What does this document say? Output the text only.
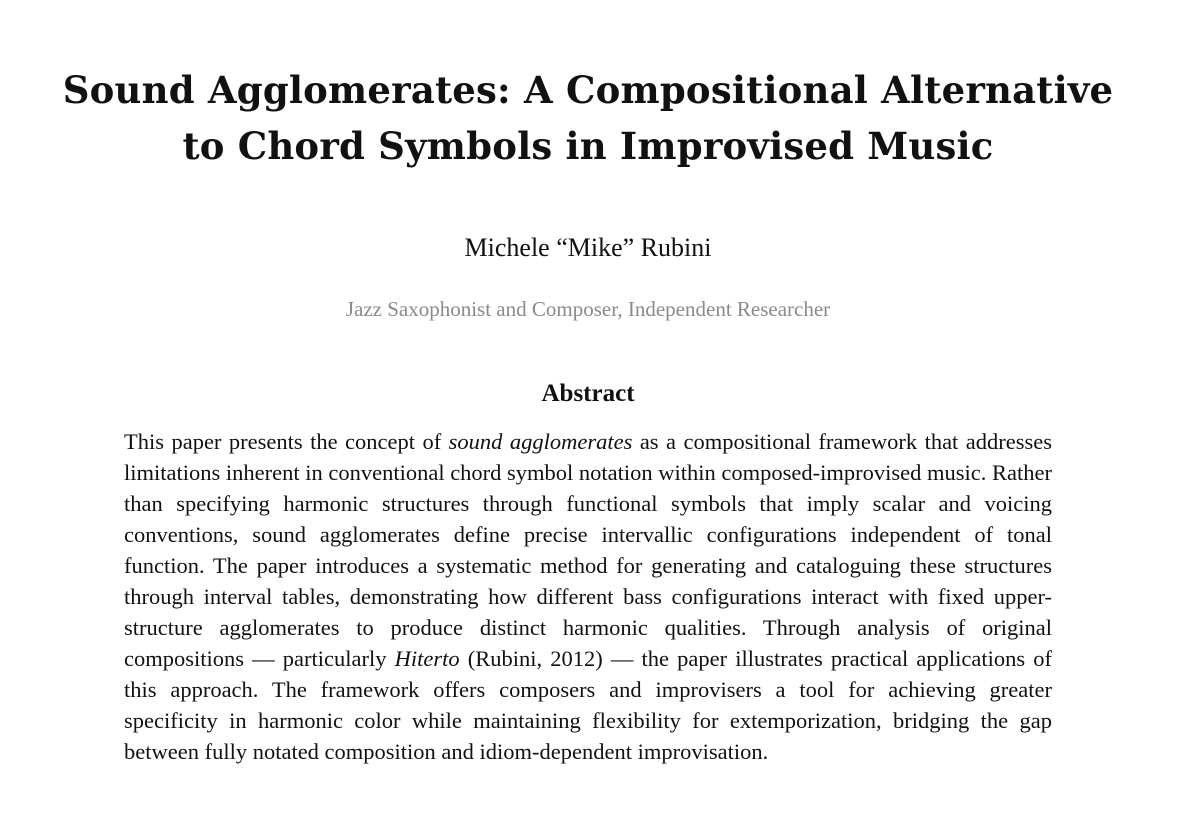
Sound Agglomerates: A Compositional Alternative
to Chord Symbols in Improvised Music
Michele “Mike” Rubini
Jazz Saxophonist and Composer, Independent Researcher
Abstract

This paper presents the concept of sound agglomerates as a compositional framework that addresses limitations inherent in conventional chord symbol notation within composed-improvised music. Rather than specifying harmonic structures through functional symbols that imply scalar and voicing conventions, sound agglomerates define precise intervallic configurations independent of tonal function. The paper introduces a systematic method for generating and cataloguing these structures through interval tables, demonstrating how different bass configurations interact with fixed upper-structure agglomerates to produce distinct harmonic qualities. Through analysis of original compositions — particularly Hiterto (Rubini, 2012) — the paper illustrates practical applications of this approach. The framework offers composers and improvisers a tool for achieving greater specificity in harmonic color while maintaining flexibility for extemporization, bridging the gap between fully notated composition and idiom-dependent improvisation.
